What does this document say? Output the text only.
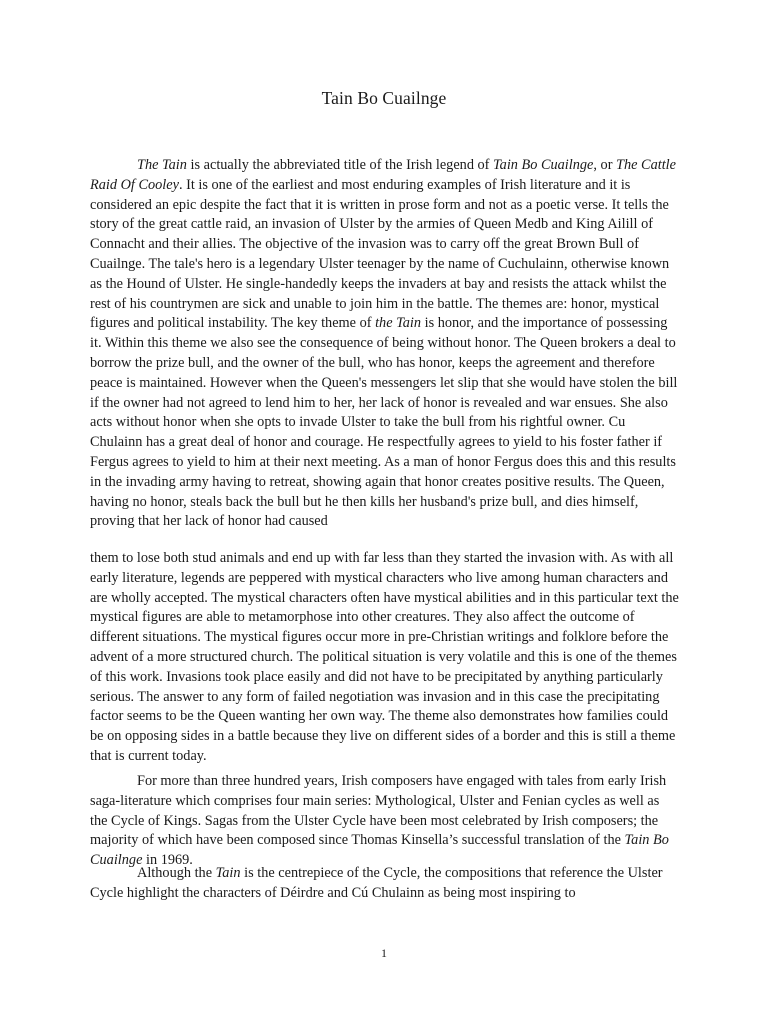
Tain Bo Cuailnge

The Tain is actually the abbreviated title of the Irish legend of Tain Bo Cuailnge, or The Cattle Raid Of Cooley. It is one of the earliest and most enduring examples of Irish literature and it is considered an epic despite the fact that it is written in prose form and not as a poetic verse. It tells the story of the great cattle raid, an invasion of Ulster by the armies of Queen Medb and King Ailill of Connacht and their allies. The objective of the invasion was to carry off the great Brown Bull of Cuailnge. The tale's hero is a legendary Ulster teenager by the name of Cuchulainn, otherwise known as the Hound of Ulster. He single-handedly keeps the invaders at bay and resists the attack whilst the rest of his countrymen are sick and unable to join him in the battle. The themes are: honor, mystical figures and political instability. The key theme of the Tain is honor, and the importance of possessing it. Within this theme we also see the consequence of being without honor. The Queen brokers a deal to borrow the prize bull, and the owner of the bull, who has honor, keeps the agreement and therefore peace is maintained. However when the Queen's messengers let slip that she would have stolen the bill if the owner had not agreed to lend him to her, her lack of honor is revealed and war ensues. She also acts without honor when she opts to invade Ulster to take the bull from his rightful owner. Cu Chulainn has a great deal of honor and courage. He respectfully agrees to yield to his foster father if Fergus agrees to yield to him at their next meeting. As a man of honor Fergus does this and this results in the invading army having to retreat, showing again that honor creates positive results. The Queen, having no honor, steals back the bull but he then kills her husband's prize bull, and dies himself, proving that her lack of honor had caused

them to lose both stud animals and end up with far less than they started the invasion with. As with all early literature, legends are peppered with mystical characters who live among human characters and are wholly accepted. The mystical characters often have mystical abilities and in this particular text the mystical figures are able to metamorphose into other creatures. They also affect the outcome of different situations. The mystical figures occur more in pre-Christian writings and folklore before the advent of a more structured church. The political situation is very volatile and this is one of the themes of this work. Invasions took place easily and did not have to be precipitated by anything particularly serious. The answer to any form of failed negotiation was invasion and in this case the precipitating factor seems to be the Queen wanting her own way. The theme also demonstrates how families could be on opposing sides in a battle because they live on different sides of a border and this is still a theme that is current today.

For more than three hundred years, Irish composers have engaged with tales from early Irish saga-literature which comprises four main series: Mythological, Ulster and Fenian cycles as well as the Cycle of Kings. Sagas from the Ulster Cycle have been most celebrated by Irish composers; the majority of which have been composed since Thomas Kinsella’s successful translation of the Tain Bo Cuailnge in 1969.

Although the Tain is the centrepiece of the Cycle, the compositions that reference the Ulster Cycle highlight the characters of Déirdre and Cú Chulainn as being most inspiring to

1
